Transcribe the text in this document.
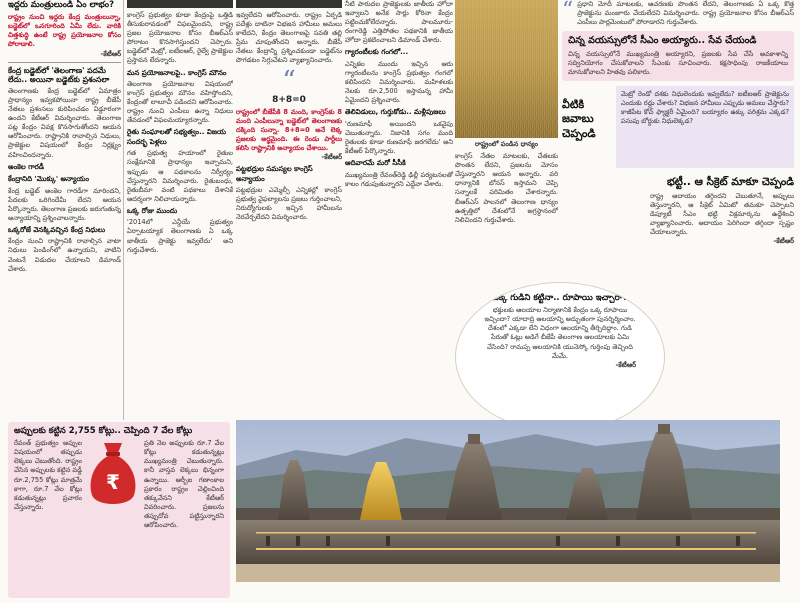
ఇద్దరు మంత్రులుండి ఏం లాభం?
రాష్ట్రం నుంచి ఇద్దరు కేంద్ర మంత్రులున్నా, బడ్జెట్‌లో ఒనగూరింది ఏమీ లేదు. వారికి చిత్తశుద్ధి ఉంటే రాష్ట్ర ప్రయోజనాల కోసం పోరాడాలి.
-కేటీఆర్
కేంద్ర బడ్జెట్‌లో 'తెలంగాణ' పదమే లేదు.. అయినా బడ్జెట్‌కు ప్రశంసలా
తెలంగాణకు కేంద్ర బడ్జెట్‌లో ఏమాత్రం ప్రాధాన్యం ఇవ్వకపోయినా రాష్ట్ర బీజేపీ నేతలు ప్రశంసలు కురిపించడం విడ్డూరంగా ఉందని కేటీఆర్ విమర్శించారు. తెలంగాణ పట్ల కేంద్రం వివక్ష కొనసాగుతోందని ఆయన ఆరోపించారు. రాష్ట్రానికి రావాల్సిన నిధులు, ప్రాజెక్టుల విషయంలో కేంద్రం నిర్లక్ష్యం వహించిందన్నారు.
అంకెల గారడీ
కేంద్రానిది 'మొక్కు' అన్యాయం
కేంద్ర బడ్జెట్ అంకెల గారడీగా మారిందని, పేదలకు ఒరిగిందేమీ లేదని ఆయన పేర్కొన్నారు. తెలంగాణ ప్రజలకు జరుగుతున్న అన్యాయాన్ని ప్రశ్నించాలన్నారు.
ఒక్కరోజే వెనక్కివచ్చిన కేంద్ర నిధులు
కేంద్రం నుంచి రాష్ట్రానికి రావాల్సిన వాటా నిధులు పెండింగ్‌లో ఉన్నాయని, వాటిని వెంటనే విడుదల చేయాలని డిమాండ్ చేశారు.
కాంగ్రెస్ ప్రభుత్వం కూడా కేంద్రంపై ఒత్తిడి తీసుకురావడంలో విఫలమైందని, రాష్ట్ర ప్రజల ప్రయోజనాల కోసం బీఆర్ఎస్ పోరాటం కొనసాగిస్తుందని చెప్పారు. బడ్జెట్‌లో మెట్రో, ఐటీఐఆర్, రైల్వే ప్రాజెక్టుల ప్రస్తావన లేదన్నారు.
మన ప్రయోజనాలపై.. కాంగ్రెస్ మౌనం
తెలంగాణ ప్రయోజనాల విషయంలో కాంగ్రెస్ ప్రభుత్వం మౌనం వహిస్తోందని, కేంద్రంతో లాలూచీ పడిందని ఆరోపించారు. రాష్ట్రం నుంచి ఎంపీలు ఉన్నా నిధులు తేవడంలో విఫలమయ్యారన్నారు.
రైతు సంఘాలతో సభ్యత్వం.. విజయ సందర్భ పెళ్లలు
గత ప్రభుత్వ హయాంలో రైతుల సంక్షేమానికి ప్రాధాన్యం ఇచ్చామని, ఇప్పుడు ఆ పథకాలను నిర్వీర్యం చేస్తున్నారని విమర్శించారు. రైతుబంధు, రైతుబీమా వంటి పథకాలు దేశానికే ఆదర్శంగా నిలిచాయన్నారు.
ఒక్క రోజు ముందు
'2014లో ఎన్డీయే ప్రభుత్వం ఏర్పాటయ్యాక తెలంగాణకు ఏ ఒక్క జాతీయ ప్రాజెక్టు ఇవ్వలేదు' అని గుర్తుచేశారు.
ఇవ్వలేదని ఆరోపించారు. రాష్ట్రం ఏర్పడి పదేళ్లు దాటినా విభజన హామీలు అమలు కాలేదని, కేంద్రం తెలంగాణపై సవతి తల్లి ప్రేమ చూపుతోందని అన్నారు. బీజేపీ నేతలు కేంద్రాన్ని ప్రశ్నించకుండా బడ్జెట్‌ను పొగడటం సిగ్గుచేటని వ్యాఖ్యానించారు.
“
8+8=0
రాష్ట్రంలో బీజేపీకి 8 మంది, కాంగ్రెస్‌కు 8 మంది ఎంపీలున్నా బడ్జెట్‌లో తెలంగాణకు దక్కింది సున్నా. 8+8=0 అనే లెక్క ప్రజలకు అర్థమైంది. ఈ రెండు పార్టీలు కలిసి రాష్ట్రానికి అన్యాయం చేశాయి.
-కేటీఆర్
పట్టభద్రుల సమస్యల కాంగ్రెస్ అన్యాయం
పట్టభద్రుల ఎమ్మెల్సీ ఎన్నికల్లో కాంగ్రెస్ ప్రభుత్వ వైఫల్యాలను ప్రజలు గుర్తించాలని, నిరుద్యోగులకు ఇచ్చిన హామీలను నెరవేర్చలేదని విమర్శించారు.
నీటి పారుదల ప్రాజెక్టులకు జాతీయ హోదా ఇవ్వాలని అనేక సార్లు కోరినా కేంద్రం పట్టించుకోలేదన్నారు. పాలమూరు-రంగారెడ్డి ఎత్తిపోతల పథకానికి జాతీయ హోదా ప్రకటించాలని డిమాండ్ చేశారు.
గ్యారంటీలకు గంగలో...
ఎన్నికల ముందు ఇచ్చిన ఆరు గ్యారంటీలను కాంగ్రెస్ ప్రభుత్వం గంగలో కలిపిందని విమర్శించారు. మహిళలకు నెలకు రూ.2,500 ఇస్తామన్న హామీ ఏమైందని ప్రశ్నించారు.
తెలివిడులు, గుర్తుకోడు.. మళ్లీపుజలు
'రుణమాఫీ అయిందని ఒకవైపు చెబుతున్నారు. నిజానికి సగం మంది రైతులకు కూడా రుణమాఫీ జరగలేదు' అని కేటీఆర్ పేర్కొన్నారు.
ఆదివారమే మరో సీసీకి
ముఖ్యమంత్రి రేవంత్‌రెడ్డి ఢిల్లీ పర్యటనలతో కాలం గడుపుతున్నారని ఎద్దేవా చేశారు.
రాష్ట్రంలో పండిన ధాన్యం
కాంగ్రెస్ నేతల మాటలకు, చేతలకు పొంతన లేదని, ప్రజలను మోసం చేస్తున్నారని ఆయన అన్నారు. వరి ధాన్యానికి బోనస్ ఇస్తామని చెప్పి సన్నాలకే పరిమితం చేశారన్నారు. బీఆర్ఎస్ పాలనలో తెలంగాణ ధాన్యం ఉత్పత్తిలో దేశంలోనే అగ్రస్థానంలో నిలిచిందని గుర్తుచేశారు.
“ ప్రధాని మోదీ మాటలకు, ఆచరణకు పొంతన లేదని, తెలంగాణకు ఏ ఒక్క కొత్త ప్రాజెక్టును మంజూరు చేయలేదని విమర్శించారు. రాష్ట్ర ప్రయోజనాల కోసం బీఆర్ఎస్ ఎంపీలు పార్లమెంటులో పోరాడారని గుర్తుచేశారు.
చిన్న వయస్సులోనే సీఎం అయ్యారు.. సేవ చేయండి
చిన్న వయస్సులోనే ముఖ్యమంత్రి అయ్యారని, ప్రజలకు సేవ చేసే అవకాశాన్ని సద్వినియోగం చేసుకోవాలని సీఎంకు సూచించారు. కక్షసాధింపు రాజకీయాలు మానుకోవాలని హితవు పలికారు.
వీటికి జవాబు చెప్పండి
మెట్రో రెండో దశకు నిధులెందుకు ఇవ్వలేదు? ఐటీఐఆర్ ప్రాజెక్టును ఎందుకు రద్దు చేశారు? విభజన హామీలు ఎప్పుడు అమలు చేస్తారు? కాజీపేట కోచ్ ఫ్యాక్టరీ ఏమైంది? బయ్యారం ఉక్కు పరిశ్రమ ఎక్కడ? పసుపు బోర్డుకు నిధులెక్కడ?
భట్టీ.. ఆ సీక్రెట్ మాకూ చెప్పండి
రాష్ట్ర ఆదాయం తగ్గిందని చెబుతూనే, అప్పులు తెస్తున్నారని, ఆ సీక్రెట్ ఏమిటో తమకూ చెప్పాలని డిప్యూటీ సీఎం భట్టి విక్రమార్కను ఉద్దేశించి వ్యాఖ్యానించారు. ఆదాయం పెరిగిందా తగ్గిందా స్పష్టం చేయాలన్నారు.
-కేటీఆర్
ఒక్క గుడిని కట్టినా.. రూపాయి ఇచ్చారా?
భక్తులకు ఆలయాల నిర్మాణానికి కేంద్రం ఒక్క రూపాయి ఇచ్చిందా? యాదాద్రి ఆలయాన్ని అద్భుతంగా పునర్నిర్మించాం. దేశంలో ఎక్కడా లేని విధంగా ఆలయాన్ని తీర్చిదిద్దాం. గుడి పేరుతో ఓట్లు అడిగే బీజేపీ తెలంగాణ ఆలయాలకు ఏమి చేసింది? రామప్ప ఆలయానికి యునెస్కో గుర్తింపు తెచ్చింది మేమే.
-కేటీఆర్
అప్పులకు కట్టిన 2,755 కోట్లు.. చెప్పింది 7 వేల కోట్లు
రేవంత్ ప్రభుత్వం అప్పుల విషయంలో తప్పుడు లెక్కలు చెబుతోంది. రాష్ట్రం చేసిన అప్పులకు కట్టిన వడ్డీ రూ.2,755 కోట్లు మాత్రమే కాగా, రూ.7 వేల కోట్లు కడుతున్నట్లు ప్రచారం చేస్తున్నారు.
₹
ప్రతి నెల అప్పులకు రూ.7 వేల కోట్లు కడుతున్నట్లు ముఖ్యమంత్రి చెబుతున్నారు. కానీ వాస్తవ లెక్కలు భిన్నంగా ఉన్నాయి. ఆర్బీఐ గణాంకాల ప్రకారం రాష్ట్రం చెల్లించింది తక్కువేనని కేటీఆర్ వివరించారు. ప్రజలను తప్పుదోవ పట్టిస్తున్నారని ఆరోపించారు.
